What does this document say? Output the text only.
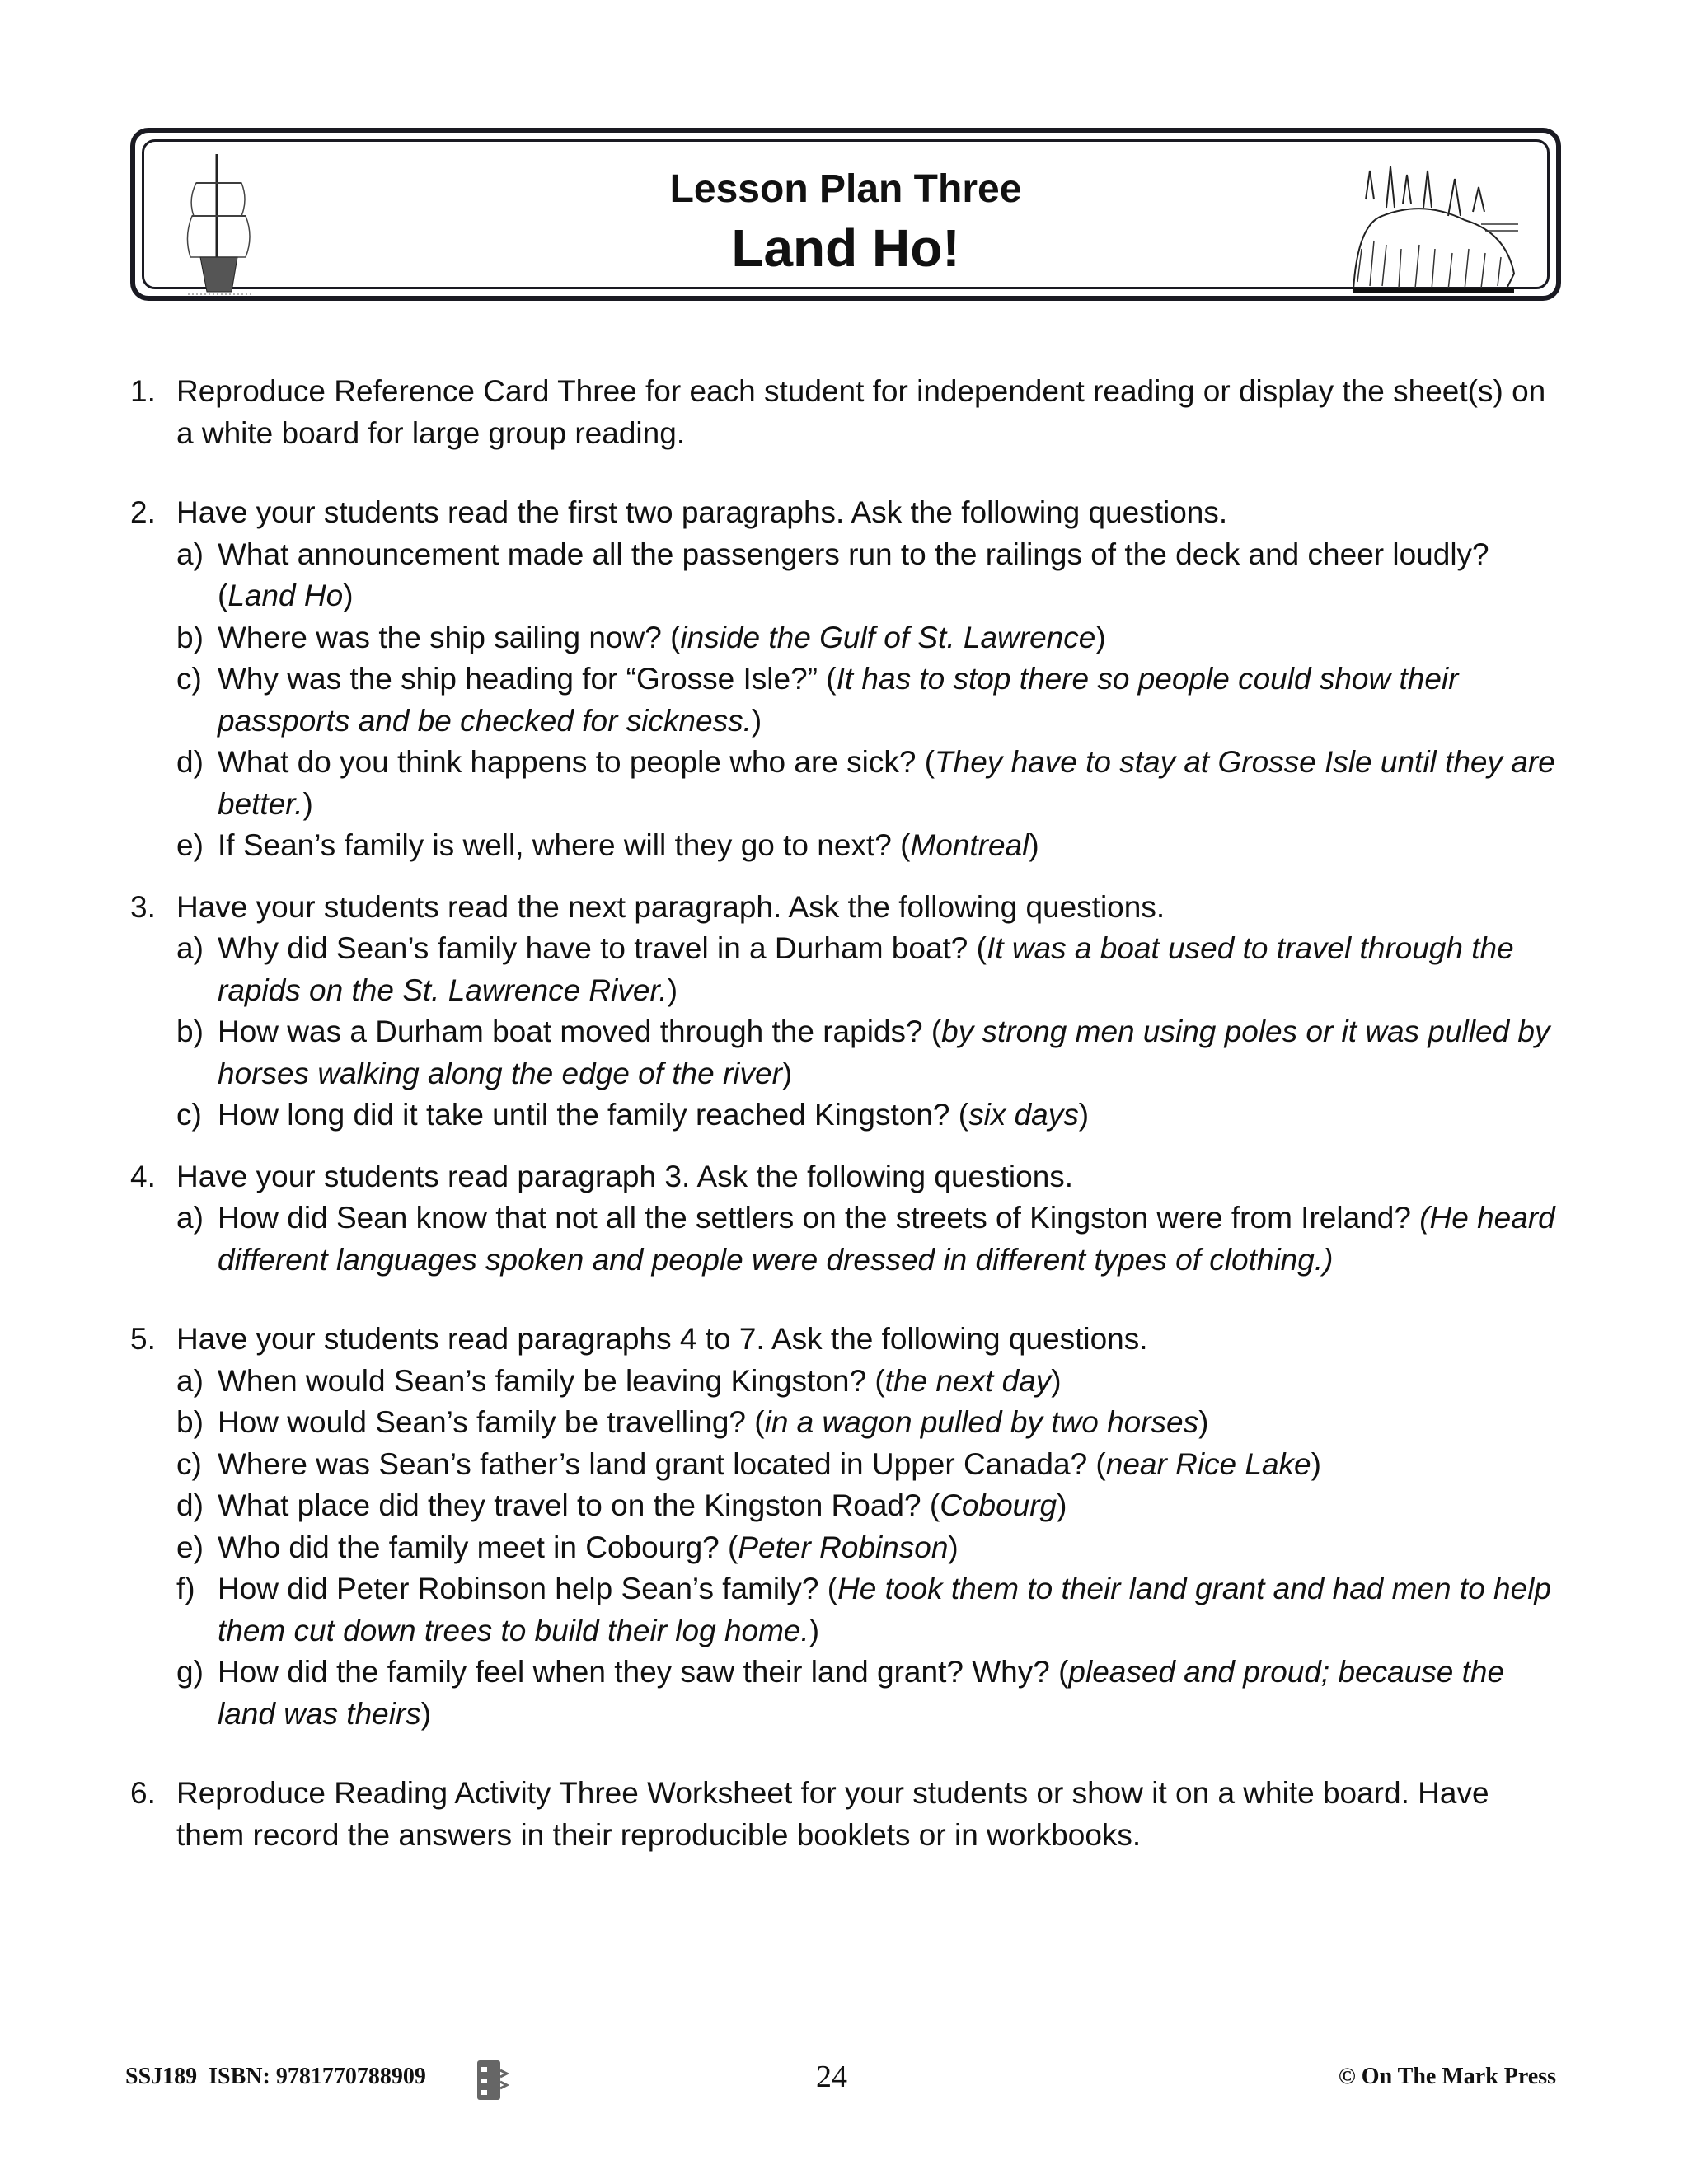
Lesson Plan Three
Land Ho!
1. Reproduce Reference Card Three for each student for independent reading or display the sheet(s) on a white board for large group reading.
2. Have your students read the first two paragraphs. Ask the following questions.
a) What announcement made all the passengers run to the railings of the deck and cheer loudly? (Land Ho)
b) Where was the ship sailing now? (inside the Gulf of St. Lawrence)
c) Why was the ship heading for “Grosse Isle?” (It has to stop there so people could show their passports and be checked for sickness.)
d) What do you think happens to people who are sick? (They have to stay at Grosse Isle until they are better.)
e) If Sean’s family is well, where will they go to next? (Montreal)
3. Have your students read the next paragraph. Ask the following questions.
a) Why did Sean’s family have to travel in a Durham boat? (It was a boat used to travel through the rapids on the St. Lawrence River.)
b) How was a Durham boat moved through the rapids? (by strong men using poles or it was pulled by horses walking along the edge of the river)
c) How long did it take until the family reached Kingston? (six days)
4. Have your students read paragraph 3. Ask the following questions.
a) How did Sean know that not all the settlers on the streets of Kingston were from Ireland? (He heard different languages spoken and people were dressed in different types of clothing.)
5. Have your students read paragraphs 4 to 7. Ask the following questions.
a) When would Sean’s family be leaving Kingston? (the next day)
b) How would Sean’s family be travelling? (in a wagon pulled by two horses)
c) Where was Sean’s father’s land grant located in Upper Canada? (near Rice Lake)
d) What place did they travel to on the Kingston Road? (Cobourg)
e) Who did the family meet in Cobourg? (Peter Robinson)
f) How did Peter Robinson help Sean’s family? (He took them to their land grant and had men to help them cut down trees to build their log home.)
g) How did the family feel when they saw their land grant? Why? (pleased and proud; because the land was theirs)
6. Reproduce Reading Activity Three Worksheet for your students or show it on a white board. Have them record the answers in their reproducible booklets or in workbooks.
SSJ189  ISBN: 9781770788909	24	© On The Mark Press
